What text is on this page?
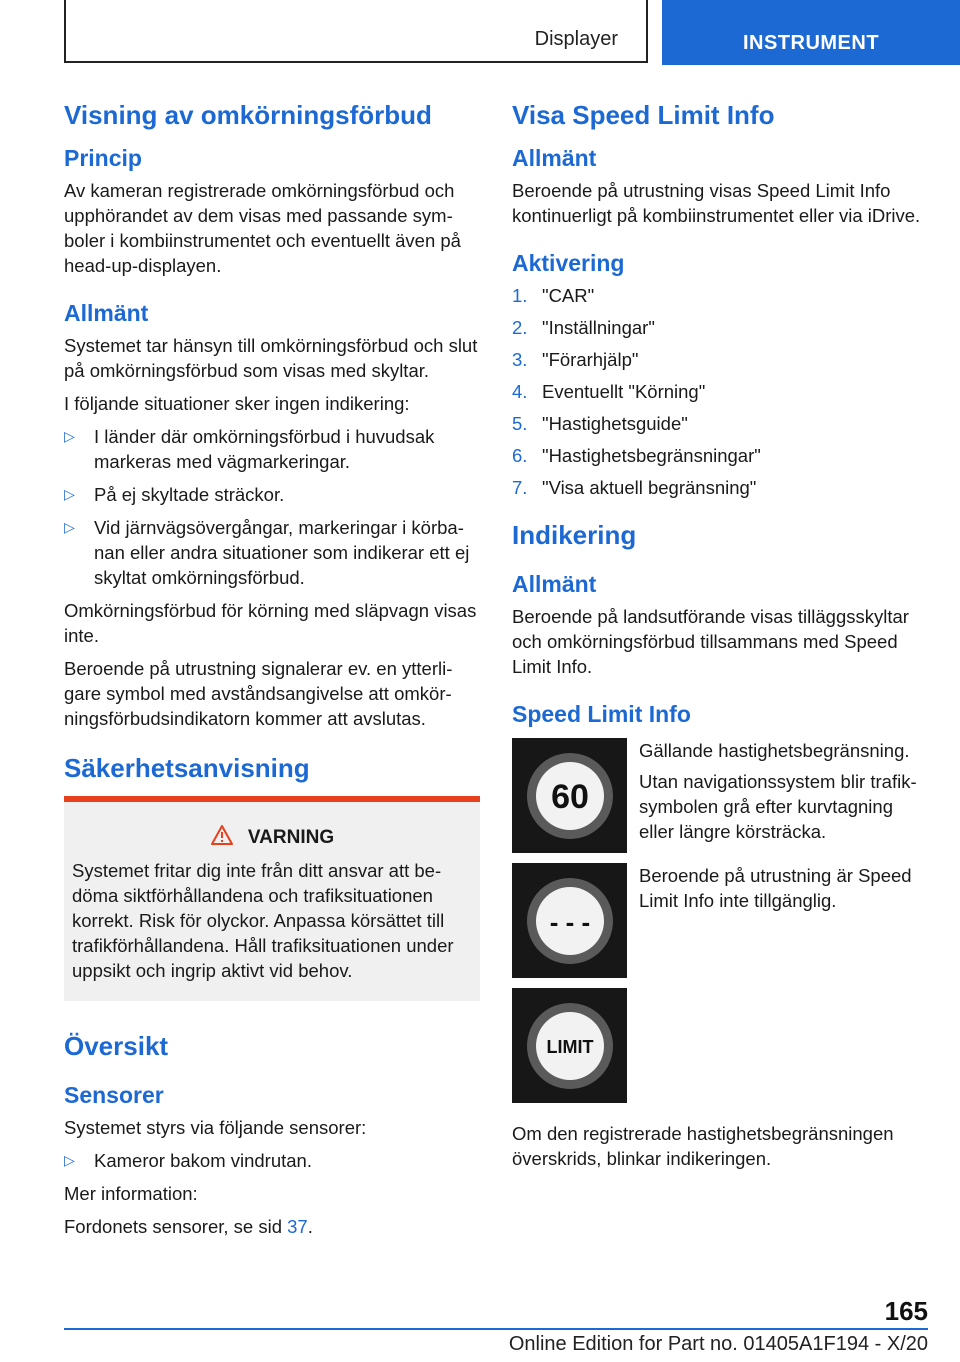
Displayer	INSTRUMENT
Visning av omkörningsförbud
Princip

Av kameran registrerade omkörningsförbud och upphörandet av dem visas med passande symboler i kombiinstrumentet och eventuellt även på head-up-displayen.

Allmänt

Systemet tar hänsyn till omkörningsförbud och slut på omkörningsförbud som visas med skyltar.

I följande situationer sker ingen indikering:

▷ I länder där omkörningsförbud i huvudsak markeras med vägmarkeringar.
▷ På ej skyltade sträckor.
▷ Vid järnvägsövergångar, markeringar i körbanan eller andra situationer som indikerar ett ej skyltat omkörningsförbud.

Omkörningsförbud för körning med släpvagn visas inte.

Beroende på utrustning signalerar ev. en ytterligare symbol med avståndsangivelse att omkörningsförbudsindikatorn kommer att avslutas.

Säkerhetsanvisning
VARNING

Systemet fritar dig inte från ditt ansvar att bedöma siktförhållandena och trafiksituationen korrekt. Risk för olyckor. Anpassa körsättet till trafikförhållandena. Håll trafiksituationen under uppsikt och ingrip aktivt vid behov.

Översikt
Sensorer

Systemet styrs via följande sensorer:

▷ Kameror bakom vindrutan.

Mer information:

Fordonets sensorer, se sid 37.

Visa Speed Limit Info
Allmänt

Beroende på utrustning visas Speed Limit Info kontinuerligt på kombiinstrumentet eller via iDrive.

Aktivering
1. "CAR"
2. "Inställningar"
3. "Förarhjälp"
4. Eventuellt "Körning"
5. "Hastighetsguide"
6. "Hastighetsbegränsningar"
7. "Visa aktuell begränsning"
Indikering
Allmänt

Beroende på landsutförande visas tilläggsskyltar och omkörningsförbud tillsammans med Speed Limit Info.

Speed Limit Info
60

Gällande hastighetsbegränsning.

Utan navigationssystem blir trafiksymbolen grå efter kurvtagning eller längre körsträcka.

- - -

Beroende på utrustning är Speed Limit Info inte tillgänglig.

LIMIT

Om den registrerade hastighetsbegränsningen överskrids, blinkar indikeringen.

165
Online Edition for Part no. 01405A1F194 - X/20
